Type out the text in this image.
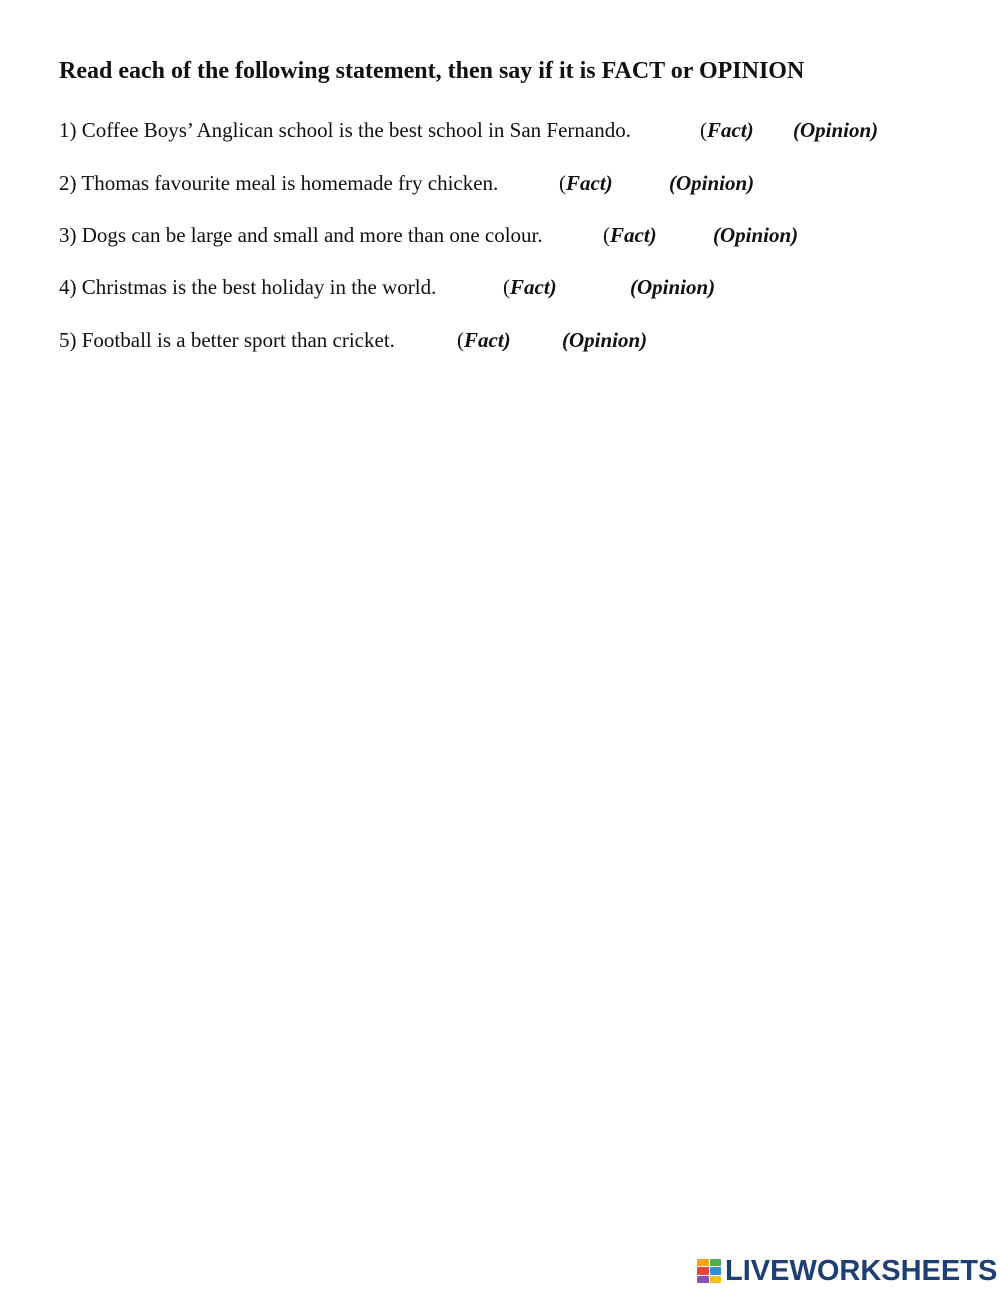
Read each of the following statement, then say if it is FACT or OPINION
1) Coffee Boys’ Anglican school is the best school in San Fernando.	(Fact) (Opinion)
2) Thomas favourite meal is homemade fry chicken.	(Fact)	(Opinion)
3) Dogs can be large and small and more than one colour.	(Fact)	(Opinion)
4) Christmas is the best holiday in the world.	(Fact)	(Opinion)
5) Football is a better sport than cricket.	(Fact) (Opinion)
LIVEWORKSHEETS
